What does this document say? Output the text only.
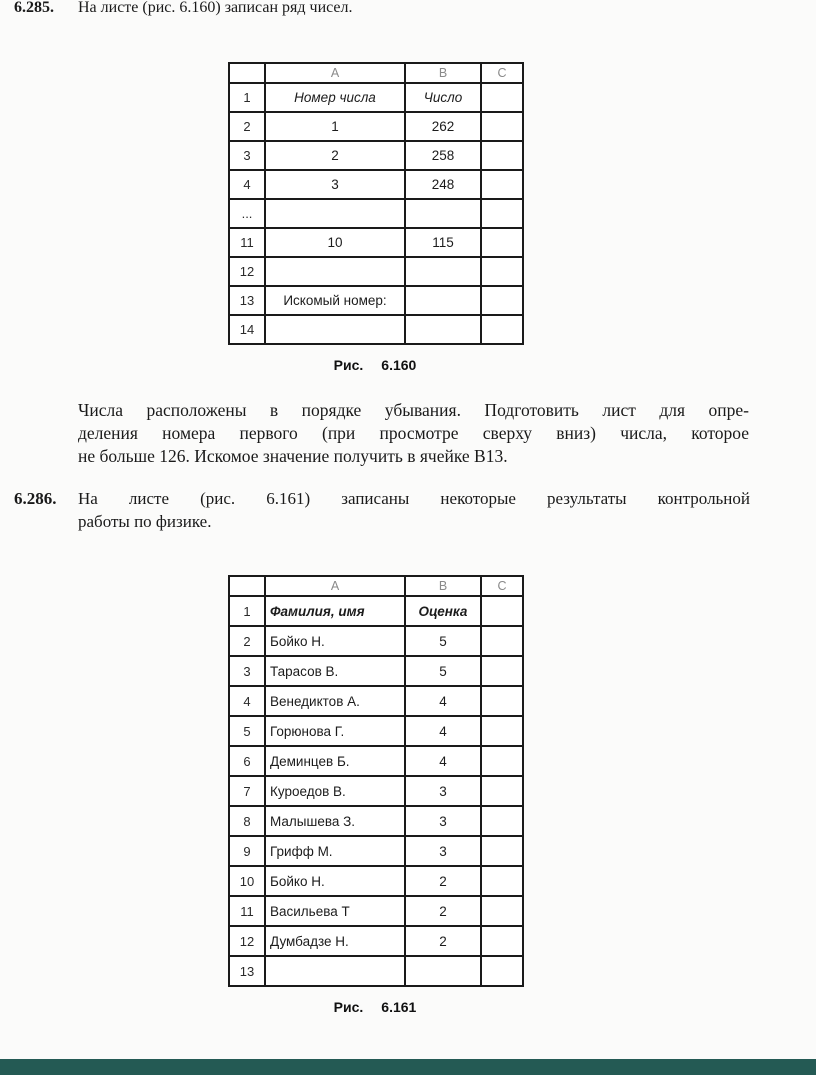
6.285. На листе (рис. 6.160) записан ряд чисел.
	A	B	C
1	Номер числа	Число	
2	1	262	
3	2	258	
4	3	248	
...			
11	10	115	
12			
13	Искомый номер:		
14			
Рис. 6.160

Числа расположены в порядке убывания. Подготовить лист для опре-
деления номера первого (при просмотре сверху вниз) числа, которое
не больше 126. Искомое значение получить в ячейке B13.

6.286. На листе (рис. 6.161) записаны некоторые результаты контрольной
работы по физике.
	A	B	C
1	Фамилия, имя	Оценка	
2	Бойко Н.	5	
3	Тарасов В.	5	
4	Венедиктов А.	4	
5	Горюнова Г.	4	
6	Деминцев Б.	4	
7	Куроедов В.	3	
8	Малышева З.	3	
9	Грифф М.	3	
10	Бойко Н.	2	
11	Васильева Т	2	
12	Думбадзе Н.	2	
13			
Рис. 6.161
